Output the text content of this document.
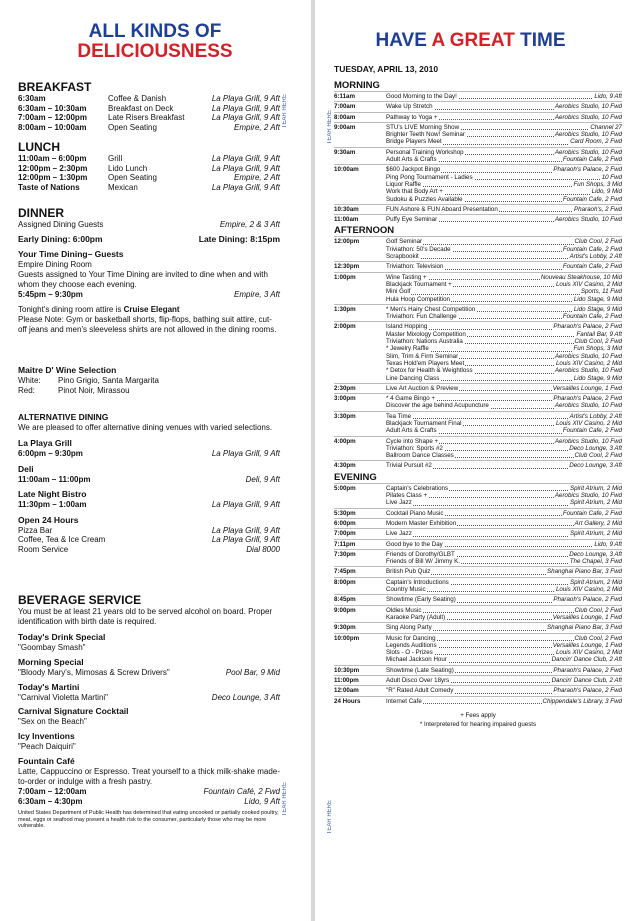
ALL KINDS OF
DELICIOUSNESS
BREAKFAST
6:30am	Coffee & Danish	La Playa Grill, 9 Aft
6:30am – 10:30am	Breakfast on Deck	La Playa Grill, 9 Aft
7:00am – 12:00pm	Late Risers Breakfast	La Playa Grill, 9 Aft
8:00am – 10:00am	Open Seating	Empire, 2 Aft
LUNCH
11:00am – 6:00pm	Grill	La Playa Grill, 9 Aft
12:00pm – 2:30pm	Lido Lunch	La Playa Grill, 9 Aft
12:00pm – 1:30pm	Open Seating	Empire, 2 Aft
Taste of Nations	Mexican	La Playa Grill, 9 Aft
DINNER
Assigned Dining Guests	Empire, 2 & 3 Aft
Early Dining: 6:00pm	Late Dining: 8:15pm
Your Time Dining– Guests
Empire Dining Room

Guests assigned to Your Time Dining are invited to dine when and with whom they choose each evening.

5:45pm – 9:30pm	Empire, 3 Aft

Tonight's dining room attire is Cruise Elegant

Please Note: Gym or basketball shorts, flip-flops, bathing suit attire, cut-off jeans and men's sleeveless shirts are not allowed in the dining rooms.

Maitre D' Wine Selection
White: Pino Grigio, Santa Margarita
Red:	Pinot Noir, Mirassou
ALTERNATIVE DINING

We are pleased to offer alternative dining venues with varied selections.

La Playa Grill
6:00pm – 9:30pm	La Playa Grill, 9 Aft
Deli
11:00am – 11:00pm	Deli, 9 Aft
Late Night Bistro
11:30pm – 1:00am	La Playa Grill, 9 Aft
Open 24 Hours
Pizza Bar	La Playa Grill, 9 Aft
Coffee, Tea & Ice Cream	La Playa Grill, 9 Aft
Room Service	Dial 8000
BEVERAGE SERVICE

You must be at least 21 years old to be served alcohol on board. Proper identification with birth date is required.

Today's Drink Special
"Goombay Smash"
Morning Special
"Bloody Mary's, Mimosas & Screw Drivers"	Pool Bar, 9 Mid
Today's Martini
"Carnival Violetta Martini"	Deco Lounge, 3 Aft
Carnival Signature Cocktail
"Sex on the Beach"
Icy Inventions
"Peach Daiquiri"
Fountain Café

Latte, Cappuccino or Espresso. Treat yourself to a thick milk-shake made-to-order or indulge with a fresh pastry.

7:00am – 12:00am	Fountain Café, 2 Fwd
6:30am – 4:30pm	Lido, 9 Aft

United States Department of Public Health has determined that eating uncooked or partially cooked poultry, meat, eggs or seafood may present a health risk to the consumer, particularly those who may be more vulnerable.

TEAR HERE
TEAR HERE
HAVE A GREAT TIME
TUESDAY, APRIL 13, 2010
MORNING
6:11am	Good Morning to the Day!	Lido, 9 Aft
7:00am	Wake Up Stretch	Aerobics Studio, 10 Fwd
8:00am	Pathway to Yoga +	Aerobics Studio, 10 Fwd
9:00am	STU's LIVE Morning Show	Channel 27
Brighter Teeth Now! Seminar	Aerobics Studio, 10 Fwd
Bridge Players Meet	Card Room, 2 Fwd
9:30am	Personal Training Workshop	Aerobics Studio, 10 Fwd
Adult Arts & Crafts	Fountain Cafe, 2 Fwd
10:00am	$600 Jackpot Bingo	Pharaoh's Palace, 2 Fwd
Ping Pong Tournament - Ladies	10 Fwd
Liquor Raffle	Fun Shops, 3 Mid
Work that Body Art +	Lido, 9 Mid
Sudoku & Puzzles Available	Fountain Cafe, 2 Fwd
10:30am	FUN Ashore & FUN Aboard Presentation	Pharaoh's, 2 Fwd
11:00am	Puffy Eye Seminar	Aerobics Studio, 10 Fwd
AFTERNOON
12:00pm	Golf Seminar	Club Cool, 2 Fwd
Triviathon: 50's Decade	Fountain Cafe, 2 Fwd
Scrapbookit	Artist's Lobby, 2 Aft
12:30pm	Triviathon: Television	Fountain Cafe, 2 Fwd
1:00pm	Wine Tasting +	Nouveau Steakhouse, 10 Mid
Blackjack Tournament +	Louis XIV Casino, 2 Mid
Mini Golf	Sports, 11 Fwd
Hula Hoop Competition	Lido Stage, 9 Mid
1:30pm	* Men's Hairy Chest Competition	Lido Stage, 9 Mid
Triviathon: Fun Challenge	Fountain Cafe, 2 Fwd
2:00pm	Island Hopping	Pharaoh's Palace, 2 Fwd
Master Mixology Competition	Fantail Bar, 9 Aft
Triviathon: Nations Australia	Club Cool, 2 Fwd
* Jewelry Raffle	Fun Shops, 3 Mid
Slim, Trim & Firm Seminar	Aerobics Studio, 10 Fwd
Texas Hold'em Players Meet	Louis XIV Casino, 2 Mid
* Detox for Health & Weightloss	Aerobics Studio, 10 Fwd
Line Dancing Class	Lido Stage, 9 Mid
2:30pm	Live Art Auction & Preview	Versailles Lounge, 1 Fwd
3:00pm	* 4 Game Bingo +	Pharaoh's Palace, 2 Fwd
Discover the age behind Acupuncture	Aerobics Studio, 10 Fwd
3:30pm	Tea Time	Artist's Lobby, 2 Aft
Blackjack Tournament Final	Louis XIV Casino, 2 Mid
Adult Arts & Crafts	Fountain Cafe, 2 Fwd
4:00pm	Cycle into Shape +	Aerobics Studio, 10 Fwd
Triviathon: Sports #2	Deco Lounge, 3 Aft
Ballroom Dance Classes	Club Cool, 2 Fwd
4:30pm	Trivial Pursuit #2	Deco Lounge, 3 Aft
EVENING
5:00pm	Captain's Celebrations	Spirit Atrium, 2 Mid
Pilates Class +	Aerobics Studio, 10 Fwd
Live Jazz	Spirit Atrium, 2 Mid
5:30pm	Cocktail Piano Music	Fountain Cafe, 2 Fwd
6:00pm	Modern Master Exhibition	Art Gallery, 2 Mid
7:00pm	Live Jazz	Spirit Atrium, 2 Mid
7:11pm	Good bye to the Day	Lido, 9 Aft
7:30pm	Friends of Dorothy/GLBT	Deco Lounge, 3 Aft
Friends of Bill W/ Jimmy K.	The Chapel, 3 Fwd
7:45pm	British Pub Quiz	Shanghai Piano Bar, 3 Fwd
8:00pm	Captain's Introductions	Spirit Atrium, 2 Mid
Country Music	Louis XIV Casino, 2 Mid
8:45pm	Showtime (Early Seating)	Pharaoh's Palace, 2 Fwd
9:00pm	Oldies Music	Club Cool, 2 Fwd
Karaoke Party (Adult)	Versailles Lounge, 1 Fwd
9:30pm	Sing Along Party	Shanghai Piano Bar, 3 Fwd
10:00pm	Music for Dancing	Club Cool, 2 Fwd
Legends Auditions	Versailles Lounge, 1 Fwd
Slots - O - Prizes	Louis XIV Casino, 2 Mid
Michael Jackson Hour	Dancin' Dance Club, 2 Aft
10:30pm	Showtime (Late Seating)	Pharaoh's Palace, 2 Fwd
11:00pm	Adult Disco Over 18yrs	Dancin' Dance Club, 2 Aft
12:00am	"R" Rated Adult Comedy	Pharaoh's Palace, 2 Fwd
24 Hours	Internet Cafe	Chippendale's Library, 3 Fwd
+ Fees apply
* Interpretered for hearing impaired guests
TEAR HERE
TEAR HERE
